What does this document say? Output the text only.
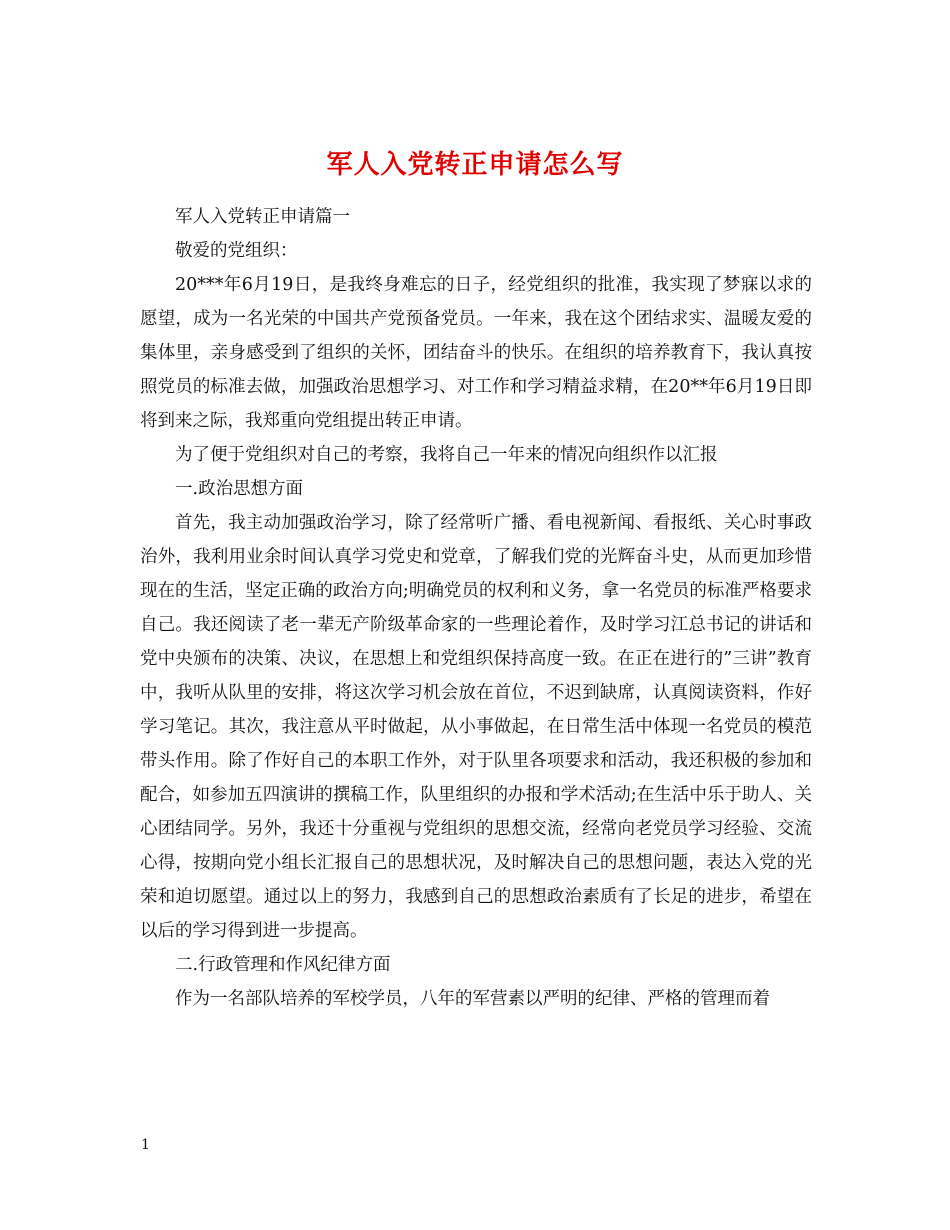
军人入党转正申请怎么写

军人入党转正申请篇一

敬爱的党组织：

20***年6月19日，是我终身难忘的日子，经党组织的批准，我实现了梦寐以求的愿望，成为一名光荣的中国共产党预备党员。一年来，我在这个团结求实、温暖友爱的集体里，亲身感受到了组织的关怀，团结奋斗的快乐。在组织的培养教育下，我认真按照党员的标准去做，加强政治思想学习、对工作和学习精益求精，在20**年6月19日即将到来之际，我郑重向党组提出转正申请。

为了便于党组织对自己的考察，我将自己一年来的情况向组织作以汇报

一.政治思想方面

首先，我主动加强政治学习，除了经常听广播、看电视新闻、看报纸、关心时事政治外，我利用业余时间认真学习党史和党章，了解我们党的光辉奋斗史，从而更加珍惜现在的生活，坚定正确的政治方向;明确党员的权利和义务，拿一名党员的标准严格要求自己。我还阅读了老一辈无产阶级革命家的一些理论着作，及时学习江总书记的讲话和党中央颁布的决策、决议，在思想上和党组织保持高度一致。在正在进行的”三讲”教育中，我听从队里的安排，将这次学习机会放在首位，不迟到缺席，认真阅读资料，作好学习笔记。其次，我注意从平时做起，从小事做起，在日常生活中体现一名党员的模范带头作用。除了作好自己的本职工作外，对于队里各项要求和活动，我还积极的参加和配合，如参加五四演讲的撰稿工作，队里组织的办报和学术活动;在生活中乐于助人、关心团结同学。另外，我还十分重视与党组织的思想交流，经常向老党员学习经验、交流心得，按期向党小组长汇报自己的思想状况，及时解决自己的思想问题，表达入党的光荣和迫切愿望。通过以上的努力，我感到自己的思想政治素质有了长足的进步，希望在以后的学习得到进一步提高。

二.行政管理和作风纪律方面

作为一名部队培养的军校学员，八年的军营素以严明的纪律、严格的管理而着

1
